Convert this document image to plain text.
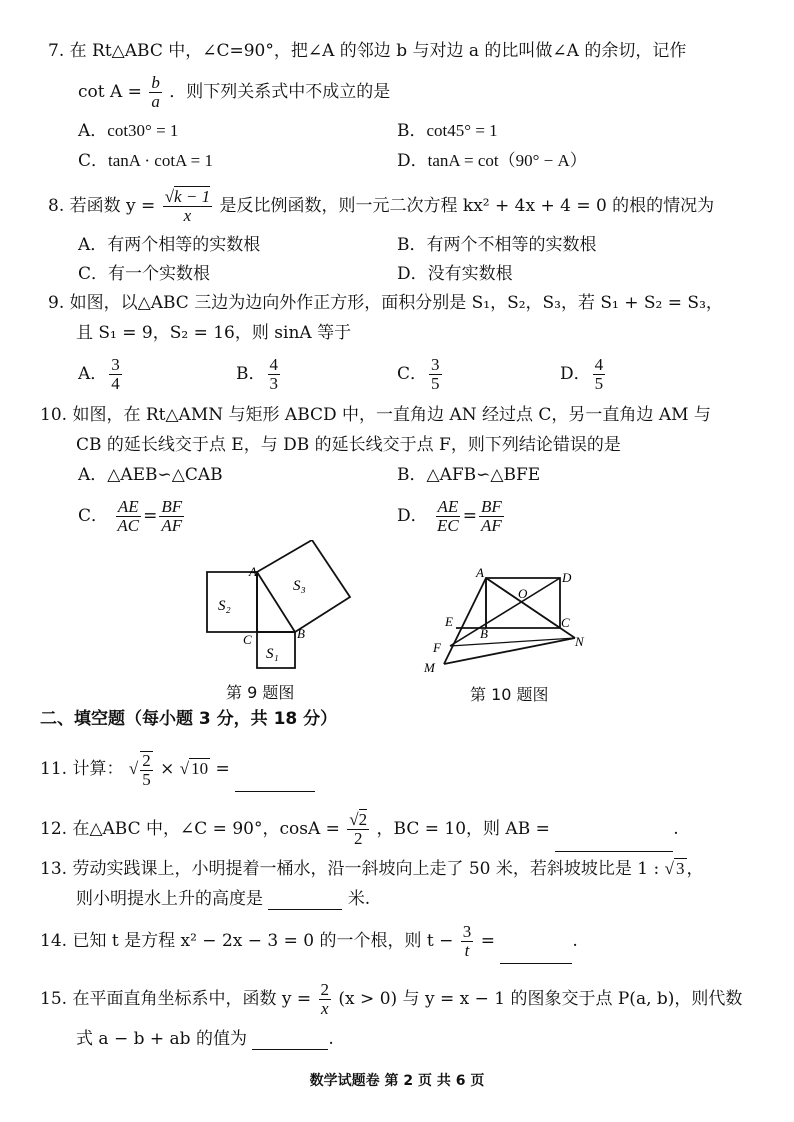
7. 在 Rt△ABC 中，∠C=90°，把∠A 的邻边 b 与对边 a 的比叫做∠A 的余切，记作
$\cot A = \frac{b}{a}$ ．则下列关系式中不成立的是
A．cot30° = 1	B．cot45° = 1
C．tanA · cotA = 1	D．tanA = cot（90° − A）
8. 若函数 $y = \frac{√k - 1}{x}$ 是反比例函数，则一元二次方程 kx² + 4x + 4 = 0 的根的情况为
A．有两个相等的实数根	B．有两个不相等的实数根
C．有一个实数根	D．没有实数根
9. 如图，以△ABC 三边为边向外作正方形，面积分别是 S₁，S₂，S₃，若 S₁ + S₂ = S₃，
且 S₁ = 9，S₂ = 16，则 sinA 等于
A． $\frac{3}{4}$	B． $\frac{4}{3}$	C． $\frac{3}{5}$	D． $\frac{4}{5}$
10. 如图，在 Rt△AMN 与矩形 ABCD 中，一直角边 AN 经过点 C，另一直角边 AM 与
CB 的延长线交于点 E，与 DB 的延长线交于点 F，则下列结论错误的是
A．△AEB∽△CAB	B．△AFB∽△BFE
C． $\frac{AE}{AC} = \frac{BF}{AF}$	D． $\frac{AE}{EC} = \frac{BF}{AF}$
A
B
C
S₂
S₃
S₁
第 9 题图
A	D
O
E
B
C
F	N
M
第 10 题图
二、填空题（每小题 3 分，共 18 分）
11. 计算： √ $\frac{2}{5}$ × √ 10 =
12. 在△ABC 中，∠C = 90°，$\cos A = \frac{√2}{2}$ ，BC = 10，则 AB =	.
13. 劳动实践课上，小明提着一桶水，沿一斜坡向上走了 50 米，若斜坡坡比是 1 : √ 3 ，
则小明提水上升的高度是	米.
14. 已知 t 是方程 x² − 2x − 3 = 0 的一个根，则 $t - \frac{3}{t}$ =	.
15. 在平面直角坐标系中，函数 $y = \frac{2}{x} (x > 0)$ 与 y = x − 1 的图象交于点 P(a, b)，则代数
式 a − b + ab 的值为	.
数学试题卷 第 2 页 共 6 页
